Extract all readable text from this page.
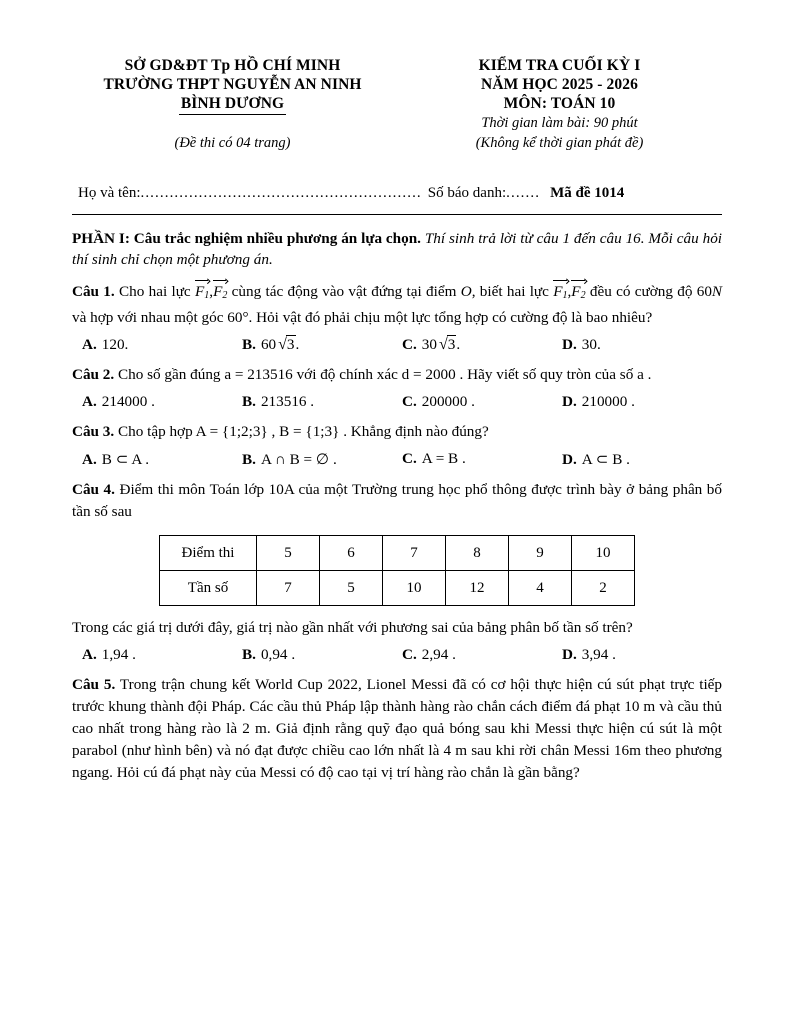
SỞ GD&ĐT Tp HỒ CHÍ MINH
TRƯỜNG THPT NGUYỄN AN NINH
BÌNH DƯƠNG
(Đề thi có 04 trang)
KIỂM TRA CUỐI KỲ I
NĂM HỌC 2025 - 2026
MÔN: TOÁN 10
Thời gian làm bài: 90 phút
(Không kể thời gian phát đề)
Họ và tên: .......................................................... Số báo danh: ....... Mã đề 1014
PHẦN I: Câu trắc nghiệm nhiều phương án lựa chọn. Thí sinh trả lời từ câu 1 đến câu 16. Mỗi câu hỏi thí sinh chỉ chọn một phương án.
Câu 1. Cho hai lực $F_1,F_2$ cùng tác động vào vật đứng tại điểm O, biết hai lực $F_1,F_2$ đều có cường độ 60N và hợp với nhau một góc 60°. Hỏi vật đó phải chịu một lực tổng hợp có cường độ là bao nhiêu?
A. 120.	B. 60 √3.	C. 30 √3.	D. 30.
Câu 2. Cho số gần đúng a = 213516 với độ chính xác d = 2000 . Hãy viết số quy tròn của số a .
A. 214000 .	B. 213516 .	C. 200000 .	D. 210000 .
Câu 3. Cho tập hợp A = {1;2;3} , B = {1;3} . Khẳng định nào đúng?
A. B ⊂ A .	B. A ∩ B = ∅ .	C. A = B .	D. A ⊂ B .
Câu 4. Điểm thi môn Toán lớp 10A của một Trường trung học phổ thông được trình bày ở bảng phân bố tần số sau
Điểm thi	5	6	7	8	9	10
Tần số	7	5	10	12	4	2
Trong các giá trị dưới đây, giá trị nào gần nhất với phương sai của bảng phân bố tần số trên?
A. 1,94 .	B. 0,94 .	C. 2,94 .	D. 3,94 .
Câu 5. Trong trận chung kết World Cup 2022, Lionel Messi đã có cơ hội thực hiện cú sút phạt trực tiếp trước khung thành đội Pháp. Các cầu thủ Pháp lập thành hàng rào chắn cách điểm đá phạt 10 m và cầu thủ cao nhất trong hàng rào là 2 m. Giả định rằng quỹ đạo quả bóng sau khi Messi thực hiện cú sút là một parabol (như hình bên) và nó đạt được chiều cao lớn nhất là 4 m sau khi rời chân Messi 16m theo phương ngang. Hỏi cú đá phạt này của Messi có độ cao tại vị trí hàng rào chắn là gần bằng?
